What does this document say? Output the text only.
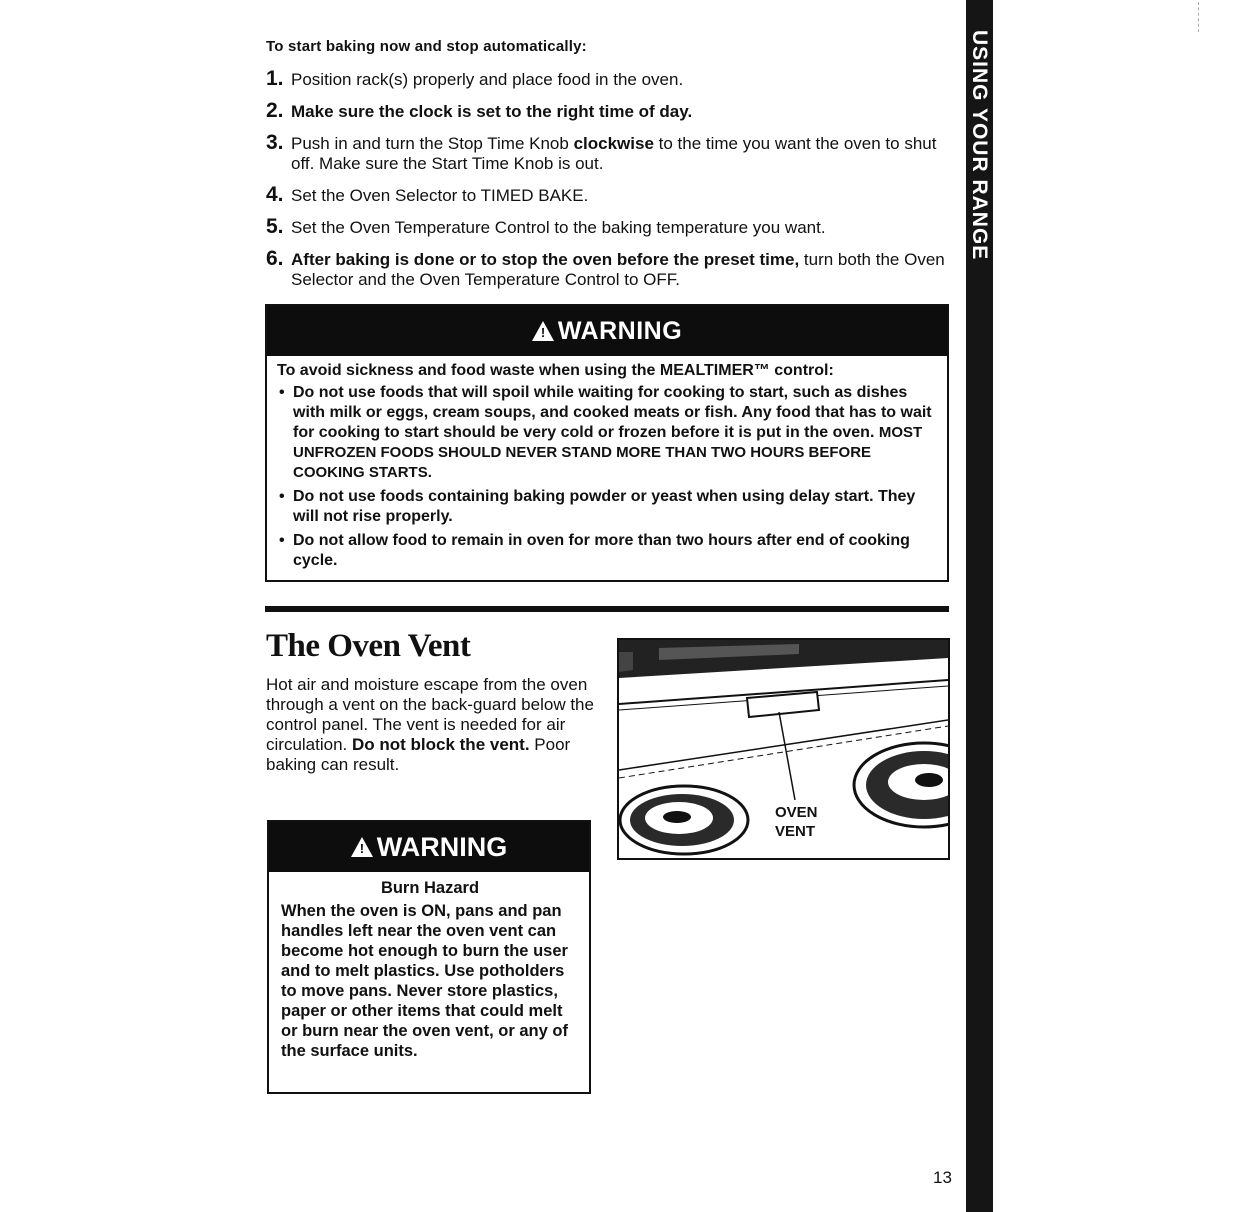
To start baking now and stop automatically:
1. Position rack(s) properly and place food in the oven.
2. Make sure the clock is set to the right time of day.
3. Push in and turn the Stop Time Knob clockwise to the time you want the oven to shut off. Make sure the Start Time Knob is out.
4. Set the Oven Selector to TIMED BAKE.
5. Set the Oven Temperature Control to the baking temperature you want.
6. After baking is done or to stop the oven before the preset time, turn both the Oven Selector and the Oven Temperature Control to OFF.
!
WARNING
To avoid sickness and food waste when using the MEALTIMER™ control:
• Do not use foods that will spoil while waiting for cooking to start, such as dishes with milk or eggs, cream soups, and cooked meats or fish. Any food that has to wait for cooking to start should be very cold or frozen before it is put in the oven. MOST UNFROZEN FOODS SHOULD NEVER STAND MORE THAN TWO HOURS BEFORE COOKING STARTS.
• Do not use foods containing baking powder or yeast when using delay start. They will not rise properly.
• Do not allow food to remain in oven for more than two hours after end of cooking cycle.
The Oven Vent
Hot air and moisture escape from the oven through a vent on the back-guard below the control panel. The vent is needed for air circulation. Do not block the vent. Poor baking can result.
!
WARNING
Burn Hazard
When the oven is ON, pans and pan handles left near the oven vent can become hot enough to burn the user and to melt plastics. Use potholders to move pans. Never store plastics, paper or other items that could melt or burn near the oven vent, or any of the surface units.
OVEN
VENT
USING YOUR RANGE
13
